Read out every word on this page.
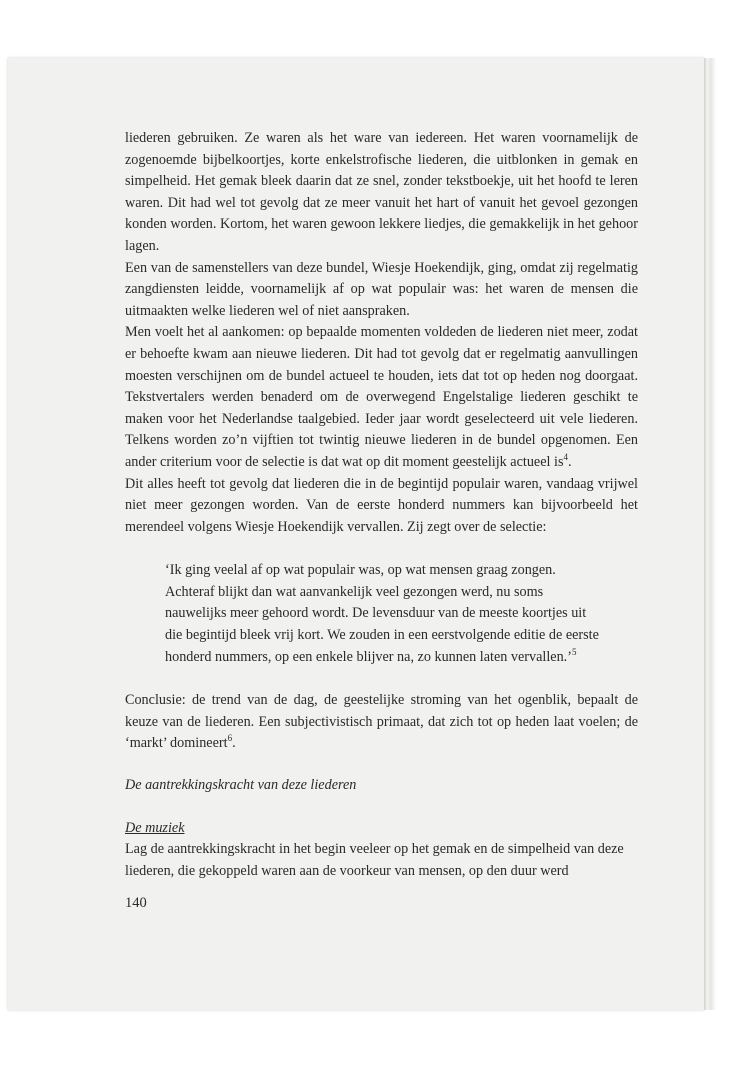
liederen gebruiken. Ze waren als het ware van iedereen. Het waren voornamelijk de zogenoemde bijbelkoortjes, korte enkelstrofische liederen, die uitblonken in gemak en simpelheid. Het gemak bleek daarin dat ze snel, zonder tekstboekje, uit het hoofd te leren waren. Dit had wel tot gevolg dat ze meer vanuit het hart of vanuit het gevoel gezongen konden worden. Kortom, het waren gewoon lekkere liedjes, die gemakkelijk in het gehoor lagen.

Een van de samenstellers van deze bundel, Wiesje Hoekendijk, ging, omdat zij regelmatig zangdiensten leidde, voornamelijk af op wat populair was: het waren de mensen die uitmaakten welke liederen wel of niet aanspraken.

Men voelt het al aankomen: op bepaalde momenten voldeden de liederen niet meer, zodat er behoefte kwam aan nieuwe liederen. Dit had tot gevolg dat er regelmatig aanvullingen moesten verschijnen om de bundel actueel te houden, iets dat tot op heden nog doorgaat. Tekstvertalers werden benaderd om de overwegend Engelstalige liederen geschikt te maken voor het Nederlandse taalgebied. Ieder jaar wordt geselecteerd uit vele liederen. Telkens worden zo’n vijftien tot twintig nieuwe liederen in de bundel opgenomen. Een ander criterium voor de selectie is dat wat op dit moment geestelijk actueel $is^4$.

Dit alles heeft tot gevolg dat liederen die in de begintijd populair waren, vandaag vrijwel niet meer gezongen worden. Van de eerste honderd nummers kan bijvoorbeeld het merendeel volgens Wiesje Hoekendijk vervallen. Zij zegt over de selectie:

‘Ik ging veelal af op wat populair was, op wat mensen graag zongen.
Achteraf blijkt dan wat aanvankelijk veel gezongen werd, nu soms
nauwelijks meer gehoord wordt. De levensduur van de meeste koortjes uit
die begintijd bleek vrij kort. We zouden in een eerstvolgende editie de eerste
honderd nummers, op een enkele blijver na, zo kunnen laten vervallen.’$^5$

Conclusie: de trend van de dag, de geestelijke stroming van het ogenblik, bepaalt de keuze van de liederen. Een subjectivistisch primaat, dat zich tot op heden laat voelen; de ‘markt’ domineert$^6$.

De aantrekkingskracht van deze liederen
De muziek

Lag de aantrekkingskracht in het begin veeleer op het gemak en de simpelheid van deze liederen, die gekoppeld waren aan de voorkeur van mensen, op den duur werd

140
